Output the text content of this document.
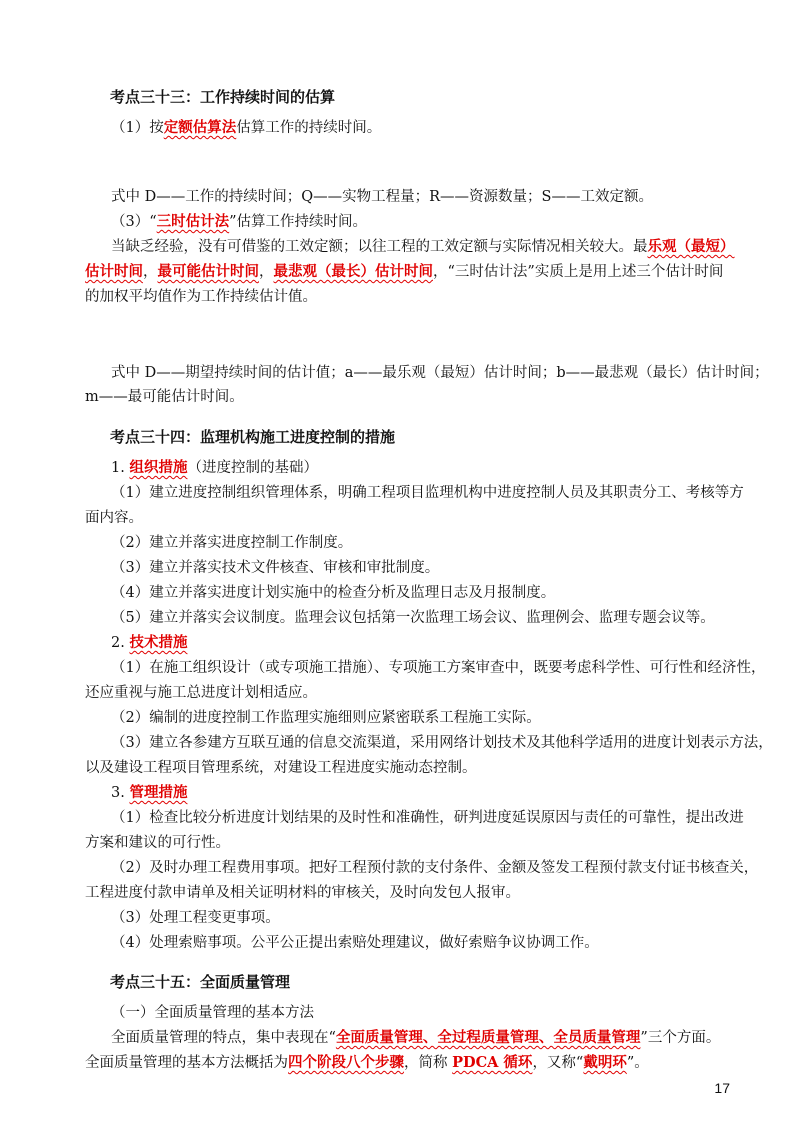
考点三十三：工作持续时间的估算
（1）按定额估算法估算工作的持续时间。
式中 D——工作的持续时间；Q——实物工程量；R——资源数量；S——工效定额。
（3）“三时估计法”估算工作持续时间。
当缺乏经验，没有可借鉴的工效定额；以往工程的工效定额与实际情况相关较大。最乐观（最短）
估计时间，最可能估计时间，最悲观（最长）估计时间，“三时估计法”实质上是用上述三个估计时间
的加权平均值作为工作持续估计值。
式中 D——期望持续时间的估计值；a——最乐观（最短）估计时间；b——最悲观（最长）估计时间；
m——最可能估计时间。
考点三十四：监理机构施工进度控制的措施
1. 组织措施（进度控制的基础）
（1）建立进度控制组织管理体系，明确工程项目监理机构中进度控制人员及其职责分工、考核等方
面内容。
（2）建立并落实进度控制工作制度。
（3）建立并落实技术文件核查、审核和审批制度。
（4）建立并落实进度计划实施中的检查分析及监理日志及月报制度。
（5）建立并落实会议制度。监理会议包括第一次监理工场会议、监理例会、监理专题会议等。
2. 技术措施
（1）在施工组织设计（或专项施工措施）、专项施工方案审查中，既要考虑科学性、可行性和经济性，
还应重视与施工总进度计划相适应。
（2）编制的进度控制工作监理实施细则应紧密联系工程施工实际。
（3）建立各参建方互联互通的信息交流渠道，采用网络计划技术及其他科学适用的进度计划表示方法，
以及建设工程项目管理系统，对建设工程进度实施动态控制。
3. 管理措施
（1）检查比较分析进度计划结果的及时性和准确性，研判进度延误原因与责任的可靠性，提出改进
方案和建议的可行性。
（2）及时办理工程费用事项。把好工程预付款的支付条件、金额及签发工程预付款支付证书核查关，
工程进度付款申请单及相关证明材料的审核关，及时向发包人报审。
（3）处理工程变更事项。
（4）处理索赔事项。公平公正提出索赔处理建议，做好索赔争议协调工作。
考点三十五：全面质量管理
（一）全面质量管理的基本方法
全面质量管理的特点，集中表现在“全面质量管理、全过程质量管理、全员质量管理”三个方面。
全面质量管理的基本方法概括为四个阶段八个步骤，简称 PDCA 循环，又称“戴明环”。
17
